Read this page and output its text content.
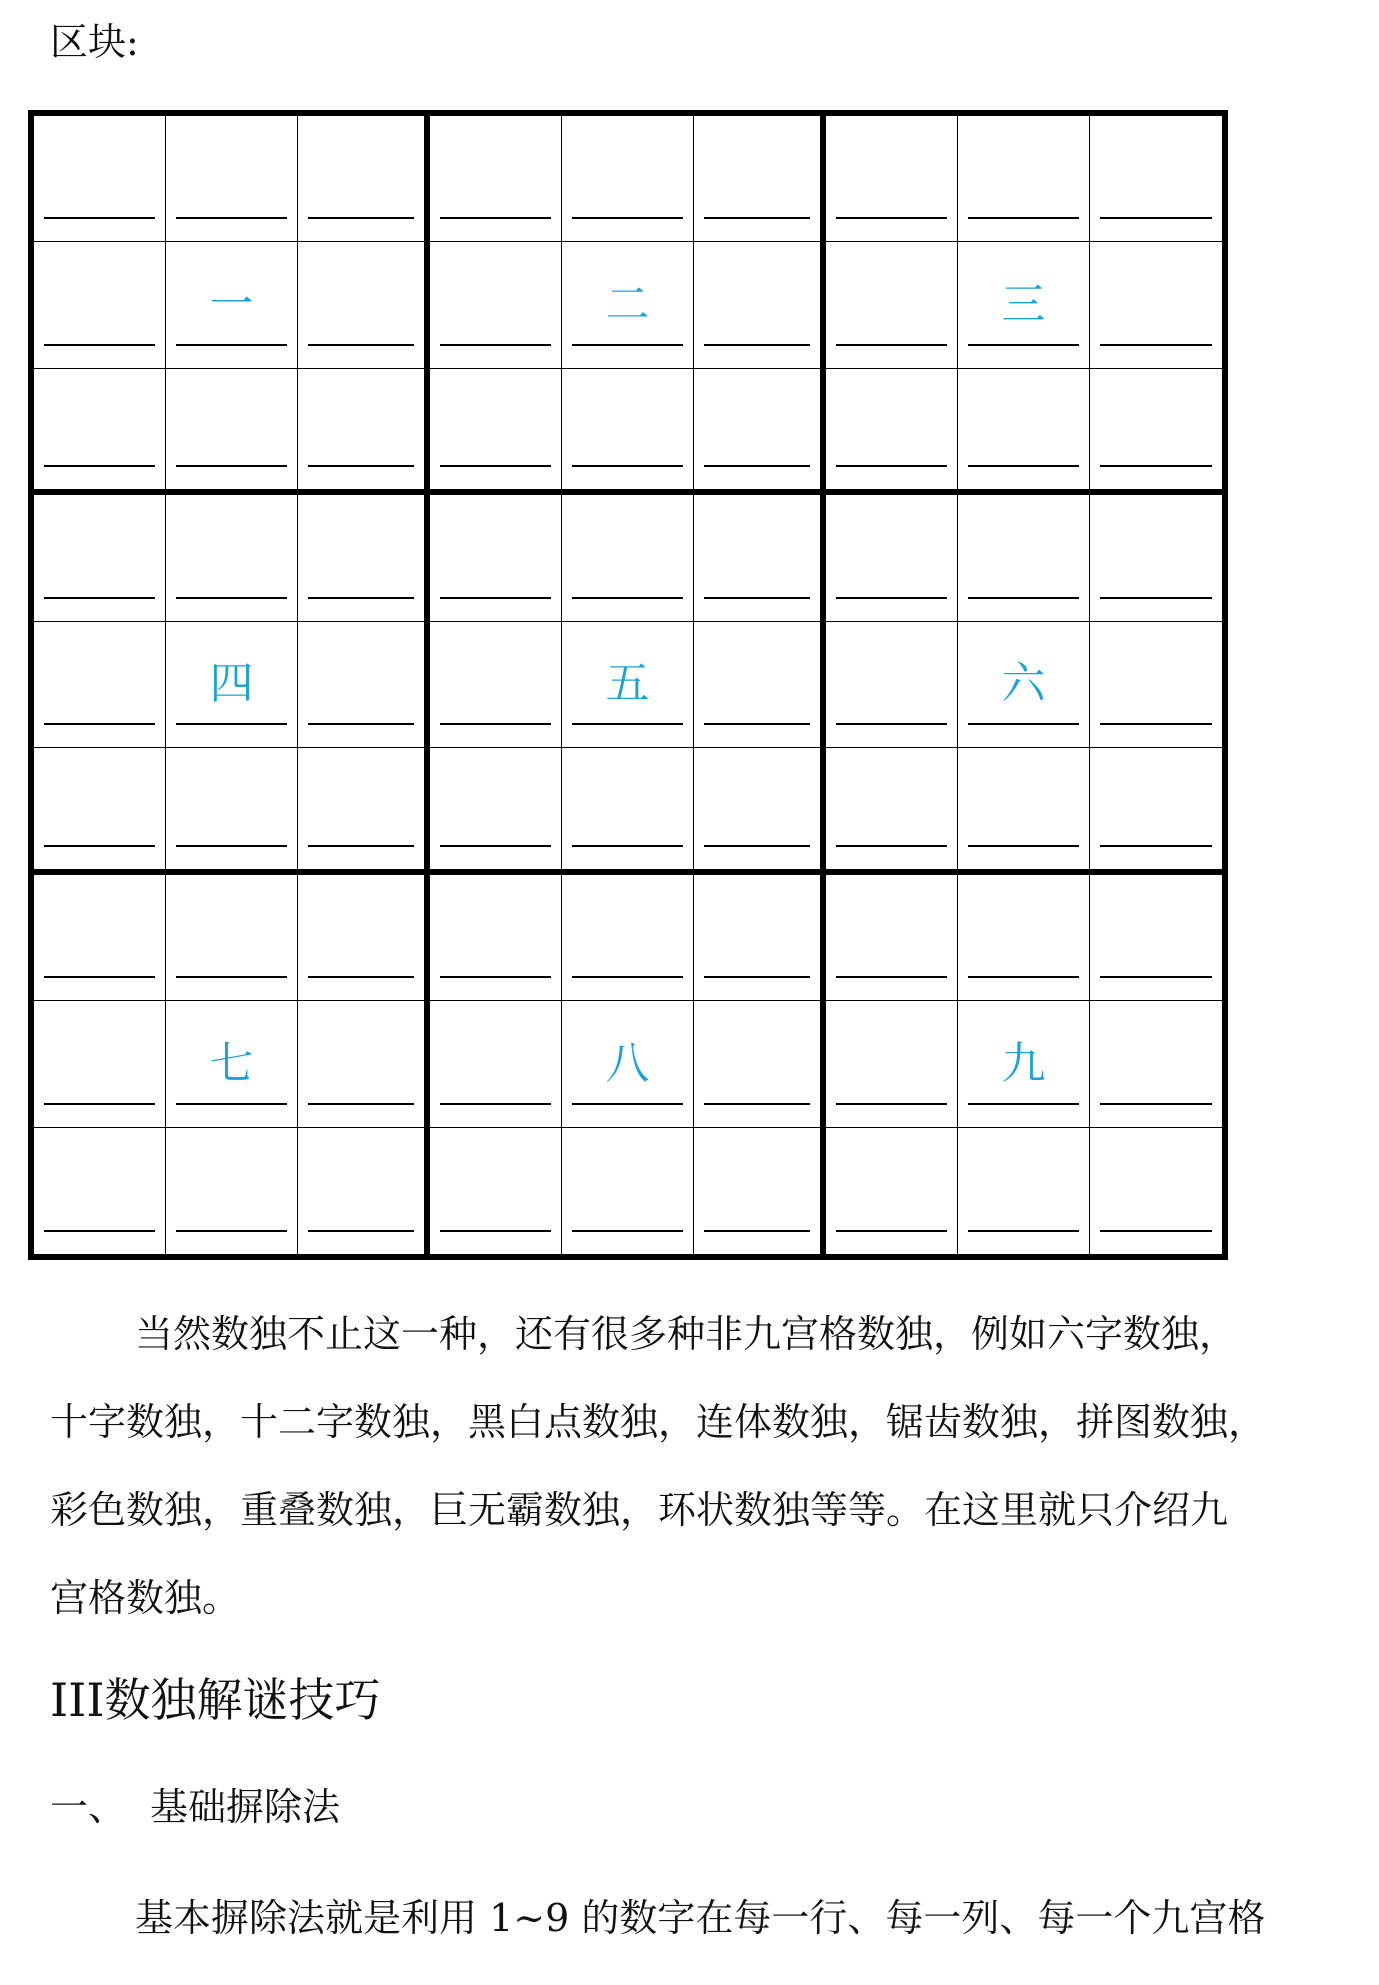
区块:
一	二	三
四	五	六
七	八	九

当然数独不止这一种，还有很多种非九宫格数独，例如六字数独，

十字数独，十二字数独，黑白点数独，连体数独，锯齿数独，拼图数独，

彩色数独，重叠数独，巨无霸数独，环状数独等等。在这里就只介绍九

宫格数独。

III数独解谜技巧
一、 基础摒除法
基本摒除法就是利用 1~9 的数字在每一行、每一列、每一个九宫格
